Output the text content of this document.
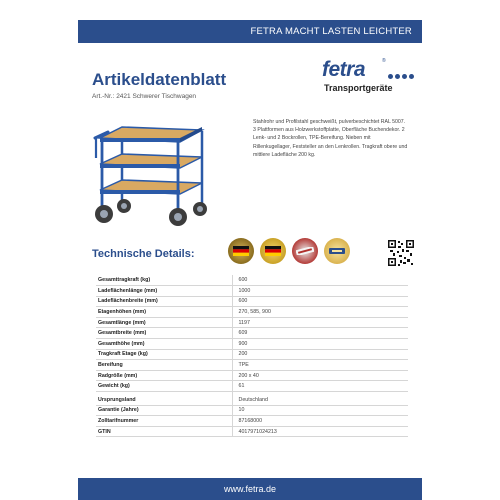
FETRA MACHT LASTEN LEICHTER
Artikeldatenblatt
Art.-Nr.: 2421 Schwerer Tischwagen
fetra	®
Transportgeräte
Stahlrohr und Profilstahl geschweißt, pulverbeschichtet RAL 5007. 3 Plattformen aus Holzwerkstoffplatte, Oberfläche Buchendekor. 2 Lenk- und 2 Bockrollen, TPE-Bereifung. Nieben mit Rillenkugellager, Feststeller an den Lenkrollen. Tragkraft obere und mittlere Ladefläche 200 kg.
Technische Details:
Gesamttragkraft (kg)	600
Ladeflächenlänge (mm)	1000
Ladeflächenbreite (mm)	600
Etagenhöhen (mm)	270, 585, 900
Gesamtlänge (mm)	1197
Gesamtbreite (mm)	609
Gesamthöhe (mm)	900
Tragkraft Etage (kg)	200
Bereifung	TPE
Radgröße (mm)	200 x 40
Gewicht (kg)	61

Ursprungsland	Deutschland
Garantie (Jahre)	10
Zolltarifnummer	87168000
GTIN	4017971024213
www.fetra.de
